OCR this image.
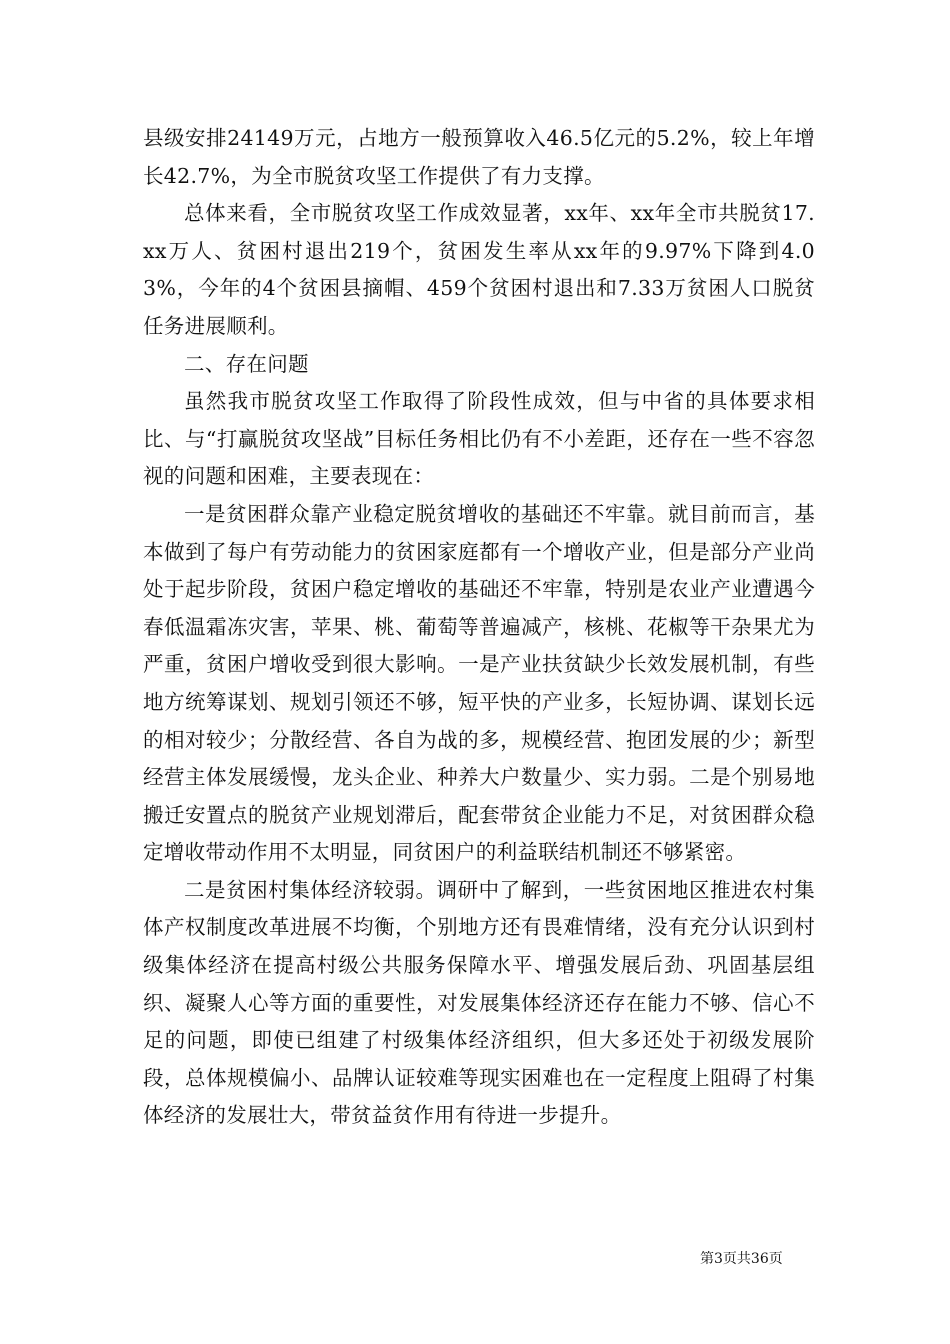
县级安排24149万元，占地方一般预算收入46.5亿元的5.2%，较上年增长42.7%，为全市脱贫攻坚工作提供了有力支撑。

总体来看，全市脱贫攻坚工作成效显著，xx年、xx年全市共脱贫17.xx万人、贫困村退出219个，贫困发生率从xx年的9.97%下降到4.03%，今年的4个贫困县摘帽、459个贫困村退出和7.33万贫困人口脱贫任务进展顺利。

二、存在问题

虽然我市脱贫攻坚工作取得了阶段性成效，但与中省的具体要求相比、与“打赢脱贫攻坚战”目标任务相比仍有不小差距，还存在一些不容忽视的问题和困难，主要表现在：

一是贫困群众靠产业稳定脱贫增收的基础还不牢靠。就目前而言，基本做到了每户有劳动能力的贫困家庭都有一个增收产业，但是部分产业尚处于起步阶段，贫困户稳定增收的基础还不牢靠，特别是农业产业遭遇今春低温霜冻灾害，苹果、桃、葡萄等普遍减产，核桃、花椒等干杂果尤为严重，贫困户增收受到很大影响。一是产业扶贫缺少长效发展机制，有些地方统筹谋划、规划引领还不够，短平快的产业多，长短协调、谋划长远的相对较少；分散经营、各自为战的多，规模经营、抱团发展的少；新型经营主体发展缓慢，龙头企业、种养大户数量少、实力弱。二是个别易地搬迁安置点的脱贫产业规划滞后，配套带贫企业能力不足，对贫困群众稳定增收带动作用不太明显，同贫困户的利益联结机制还不够紧密。

二是贫困村集体经济较弱。调研中了解到，一些贫困地区推进农村集体产权制度改革进展不均衡，个别地方还有畏难情绪，没有充分认识到村级集体经济在提高村级公共服务保障水平、增强发展后劲、巩固基层组织、凝聚人心等方面的重要性，对发展集体经济还存在能力不够、信心不足的问题，即使已组建了村级集体经济组织，但大多还处于初级发展阶段，总体规模偏小、品牌认证较难等现实困难也在一定程度上阻碍了村集体经济的发展壮大，带贫益贫作用有待进一步提升。

第3页共36页
